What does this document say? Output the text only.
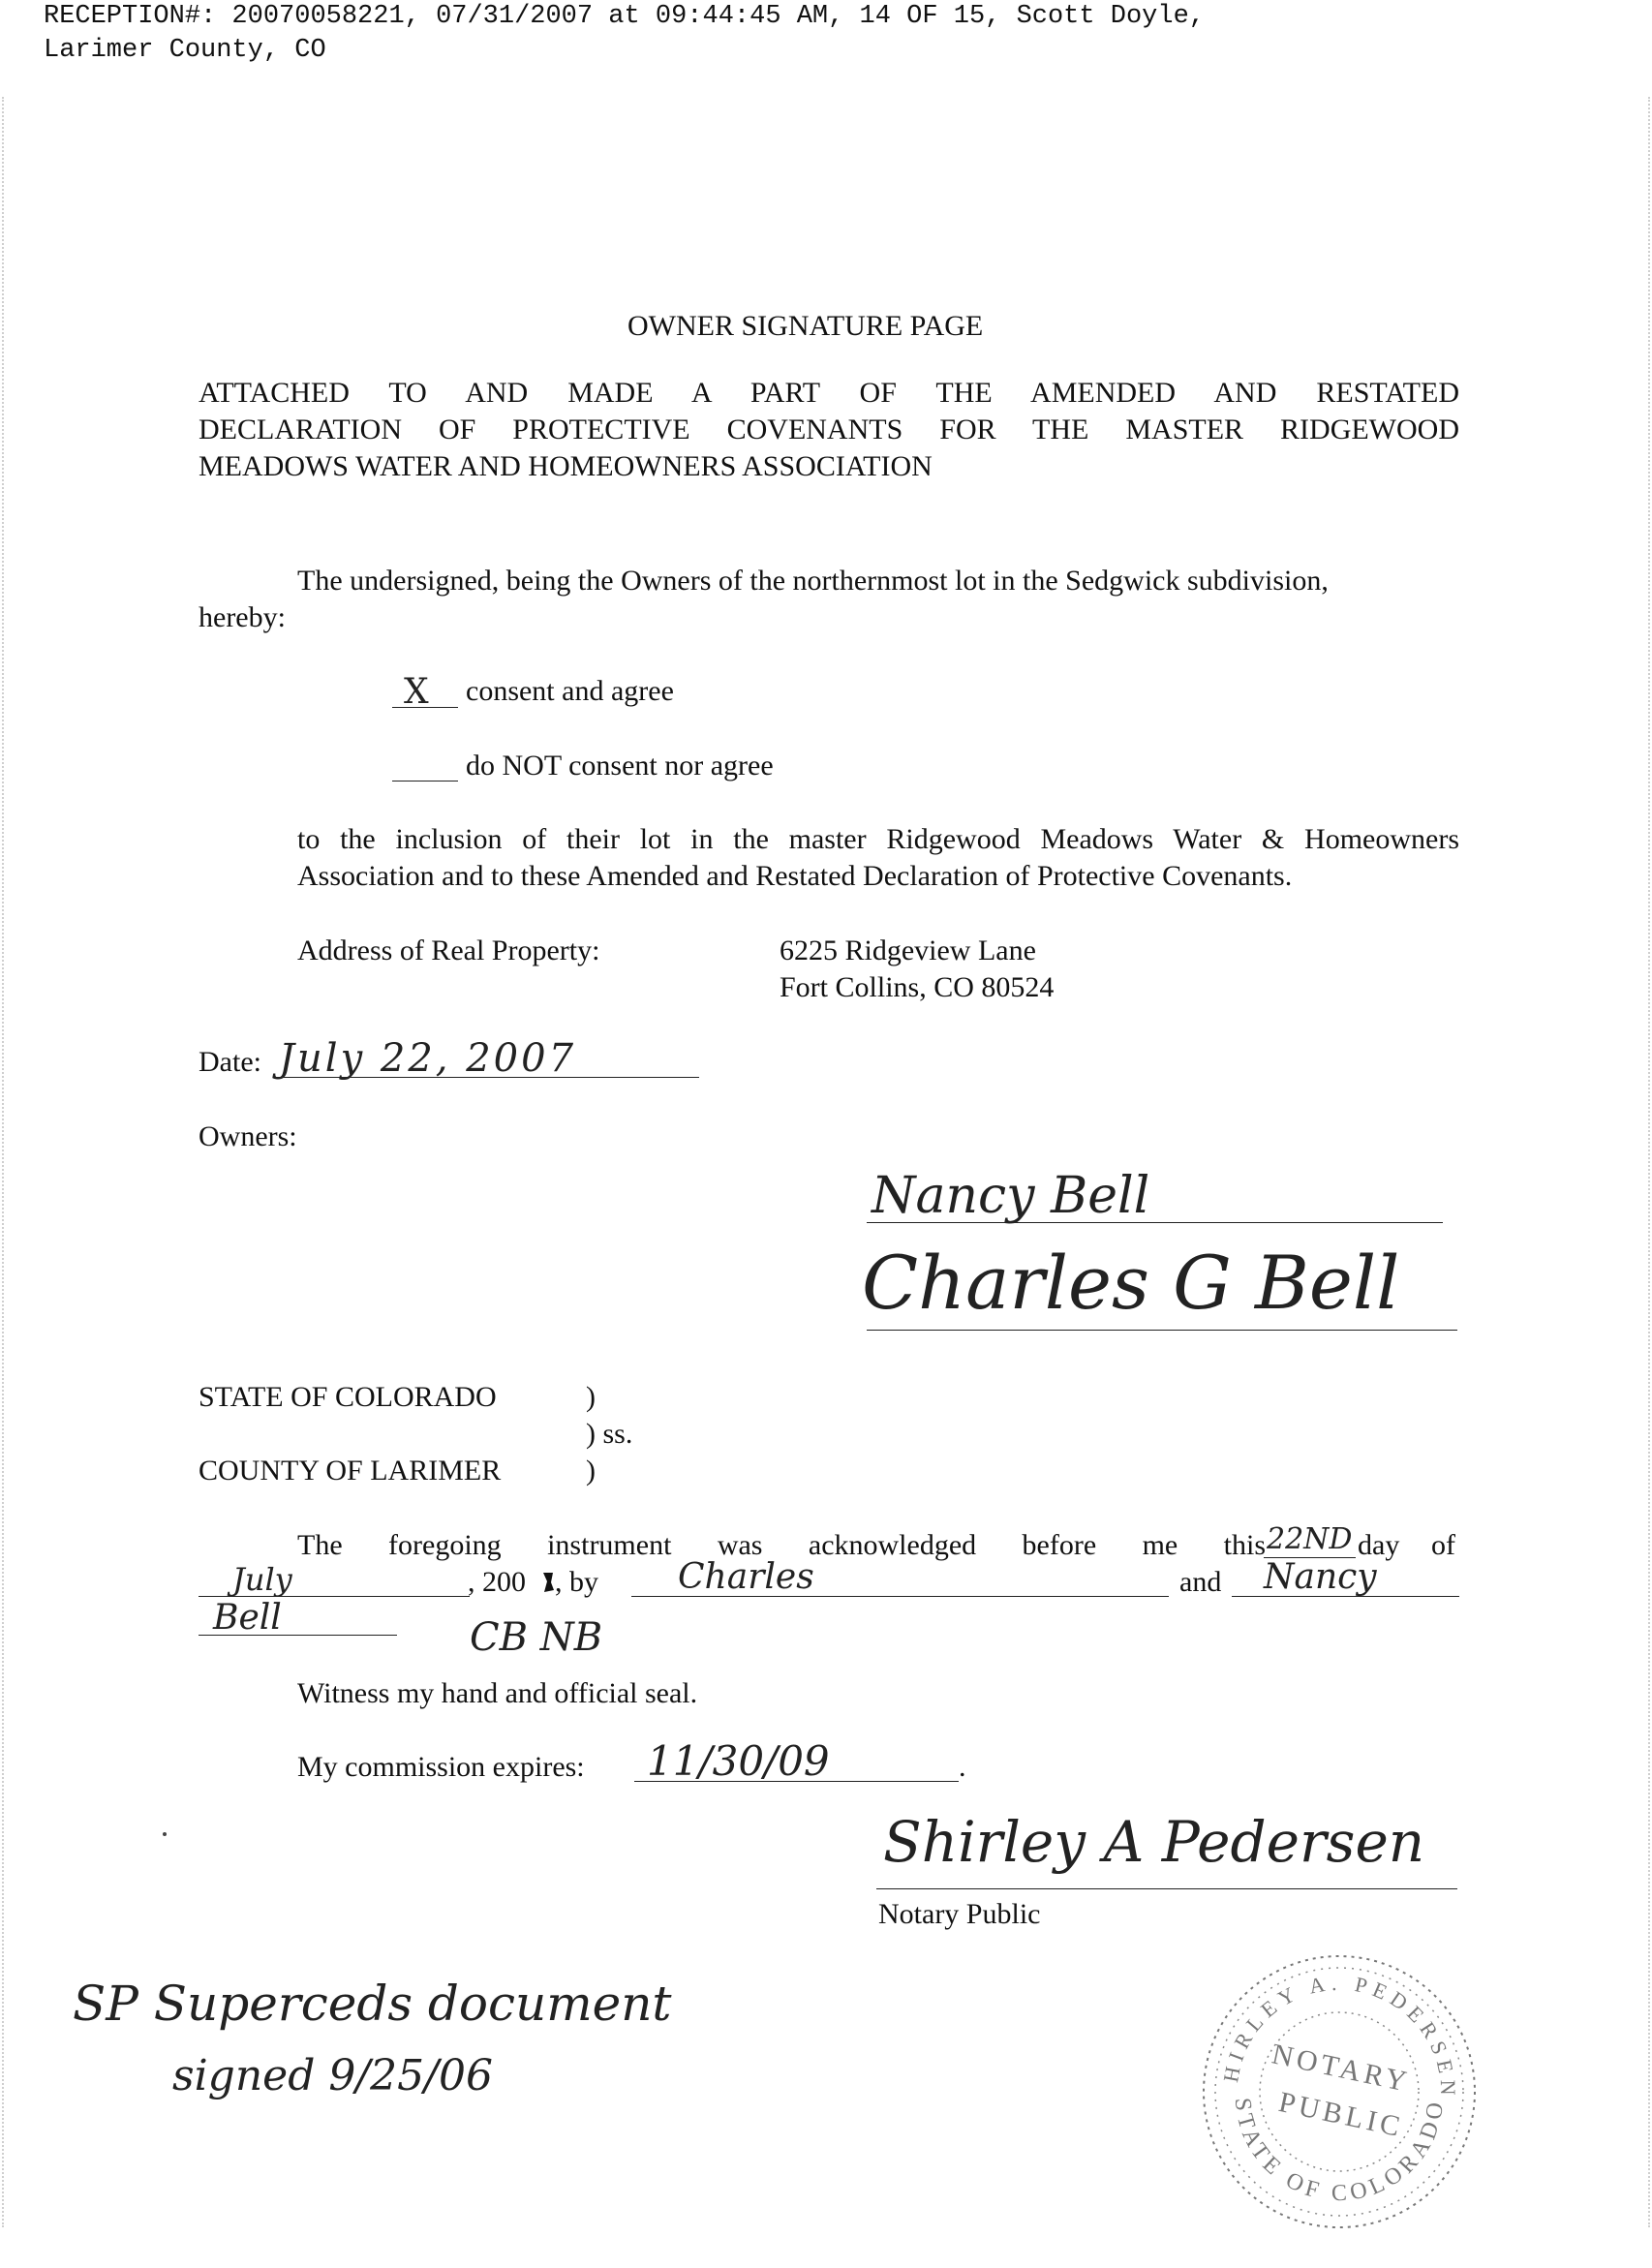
RECEPTION#: 20070058221, 07/31/2007 at 09:44:45 AM, 14 OF 15, Scott Doyle,
Larimer County, CO
OWNER SIGNATURE PAGE
ATTACHED TO AND MADE A PART OF THE AMENDED AND RESTATED
DECLARATION OF PROTECTIVE COVENANTS FOR THE MASTER RIDGEWOOD
MEADOWS WATER AND HOMEOWNERS ASSOCIATION
The undersigned, being the Owners of the northernmost lot in the Sedgwick subdivision,
hereby:
X consent and agree
do NOT consent nor agree
to the inclusion of their lot in the master Ridgewood Meadows Water & Homeowners
Association and to these Amended and Restated Declaration of Protective Covenants.
Address of Real Property:	6225 Ridgeview Lane
Fort Collins, CO 80524
Date: July 22, 2007
Owners:
Nancy Bell
Charles G Bell
STATE OF COLORADO	)
) ss.
COUNTY OF LARIMER	)
The foregoing instrument was acknowledged before me this 22ND day of
July	, 200 , by Charles	and Nancy
Bell	CB NB
Witness my hand and official seal.
My commission expires: 11/30/09	.
Shirley A Pedersen
Notary Public
SHIRLEY A. PEDERSEN
STATE OF COLORADO
NOTARY
PUBLIC
SP Superceds document
signed 9/25/06
